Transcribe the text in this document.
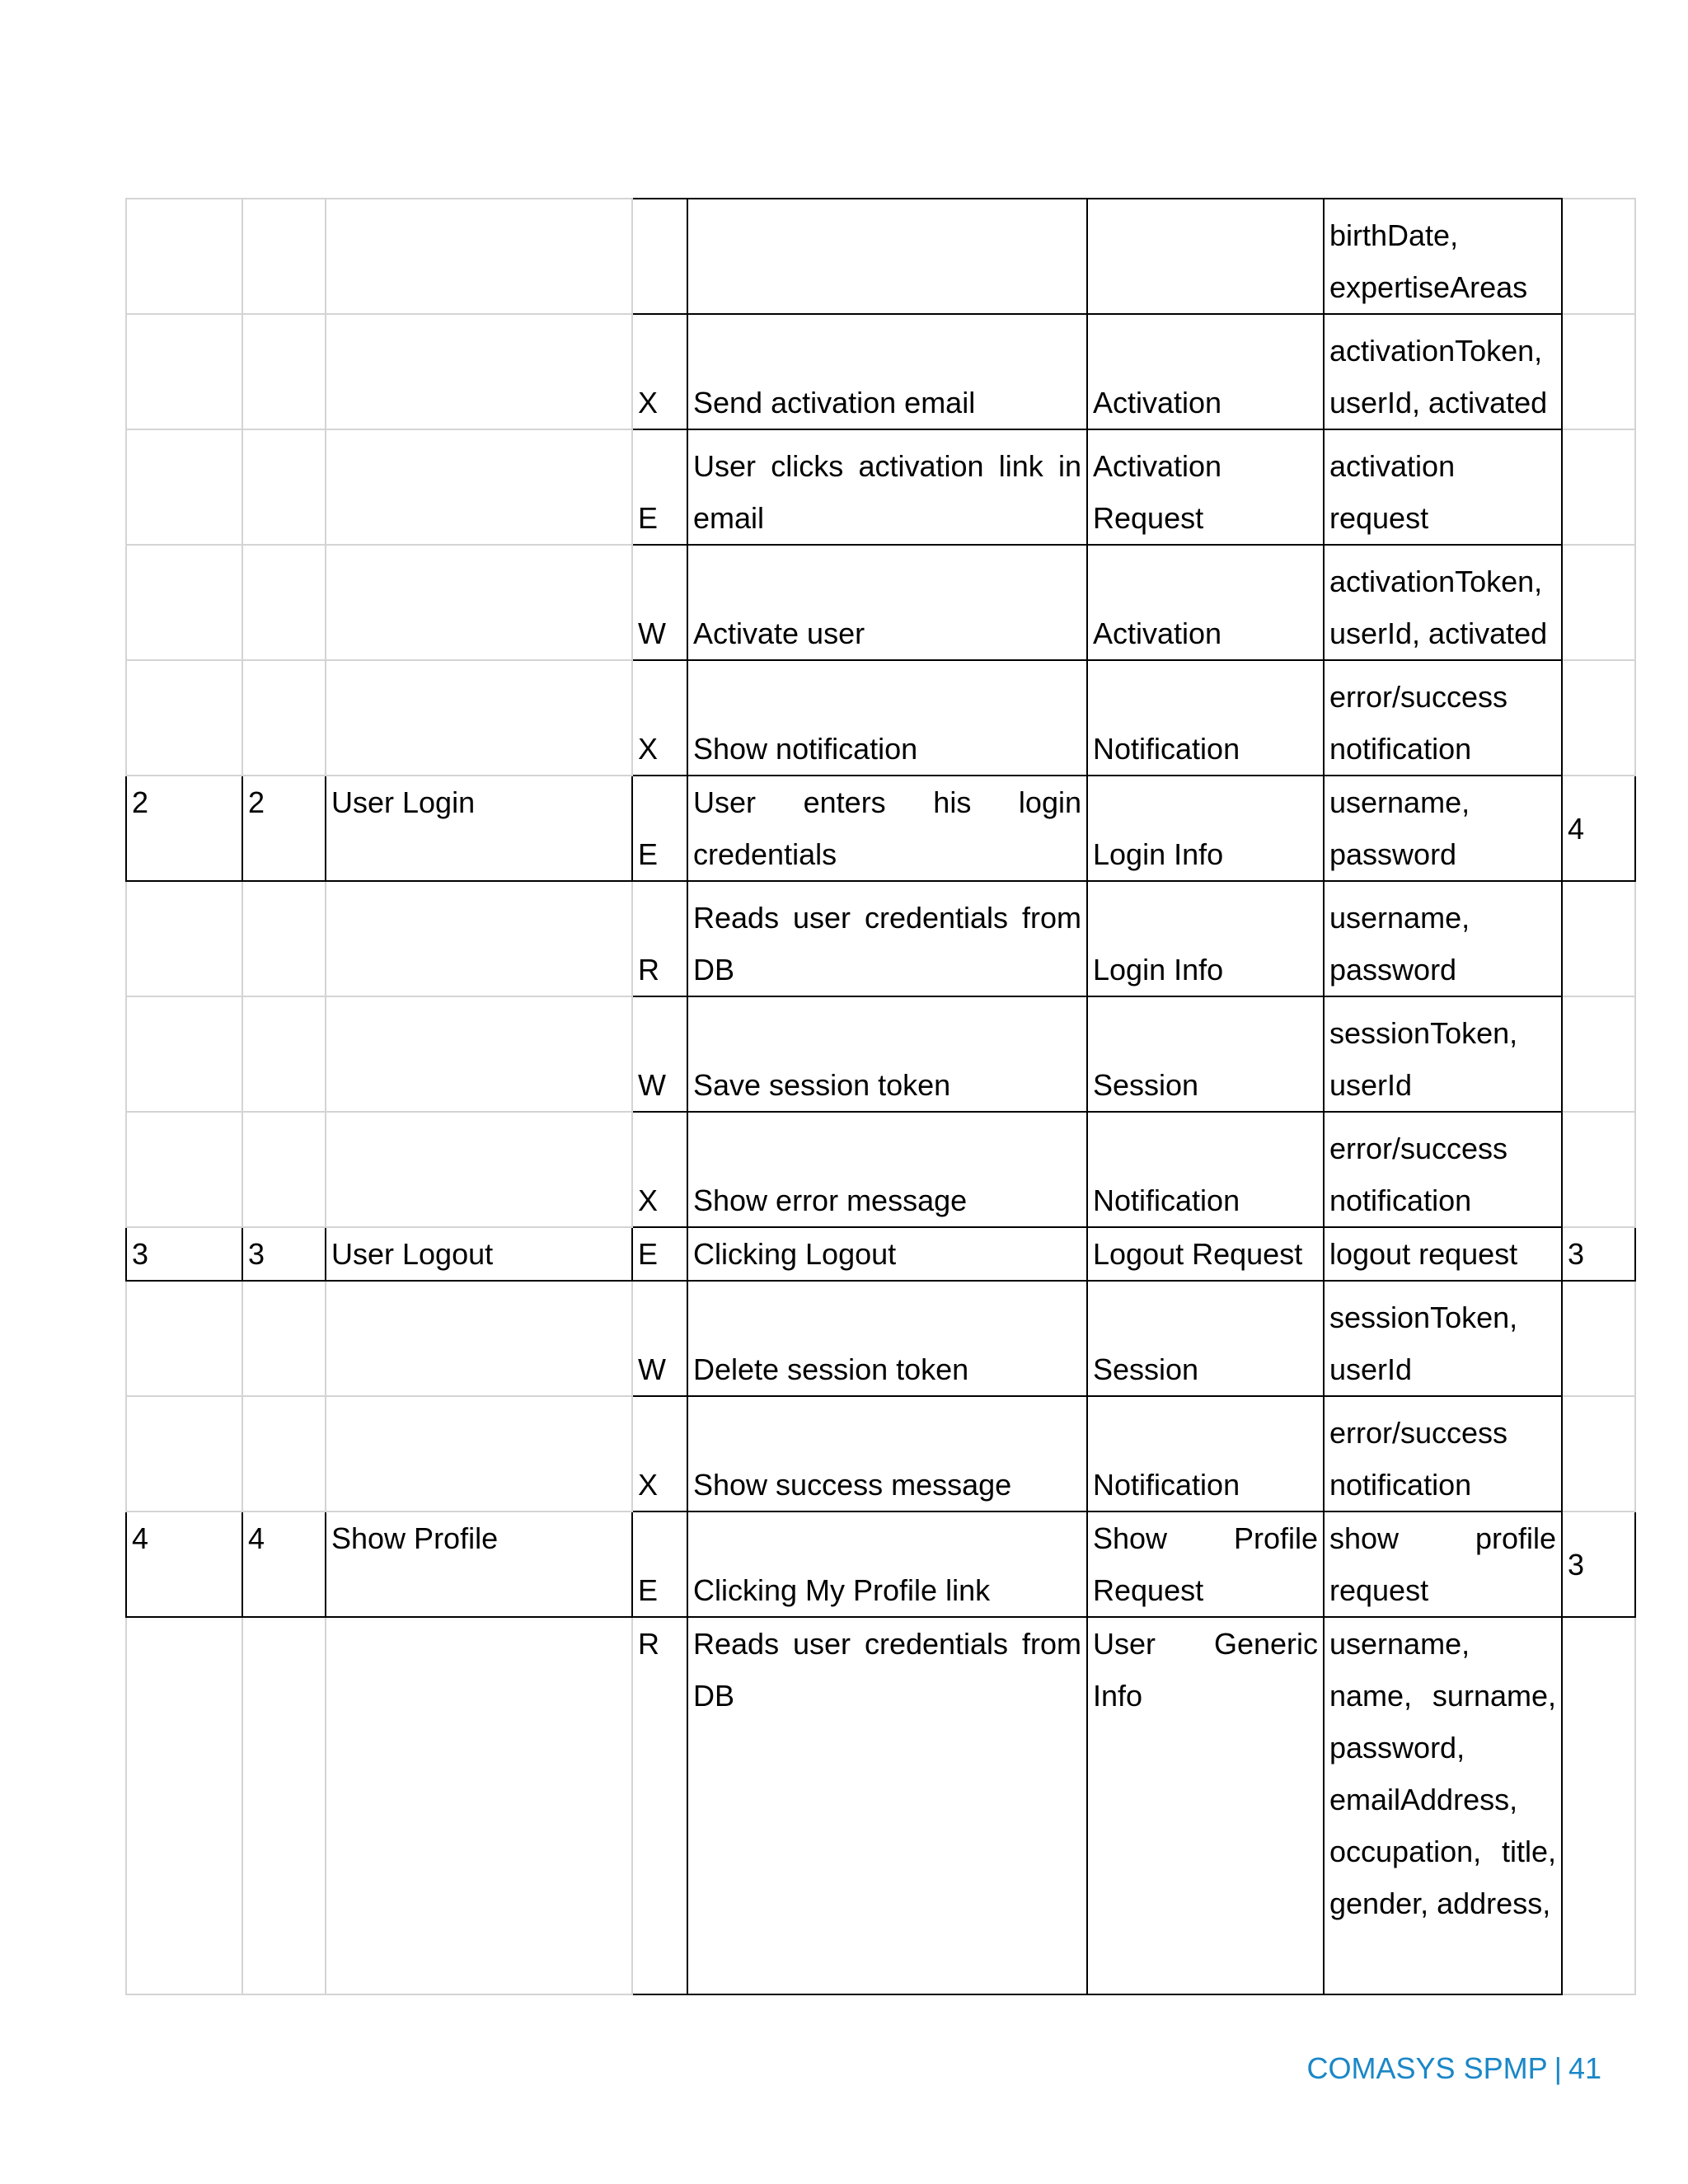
						birthDate, expertiseAreas	
			X	Send activation email	Activation	activationToken, userId, activated	
			E	User clicks activation link in email	Activation Request	activation request	
			W	Activate user	Activation	activationToken, userId, activated	
			X	Show notification	Notification	error/success notification	
2	2	User Login	E	User enters his login credentials	Login Info	username, password	4
			R	Reads user credentials from DB	Login Info	username, password	
			W	Save session token	Session	sessionToken, userId	
			X	Show error message	Notification	error/success notification	
3	3	User Logout	E	Clicking Logout	Logout Request	logout request	3
			W	Delete session token	Session	sessionToken, userId	
			X	Show success message	Notification	error/success notification	
4	4	Show Profile	E	Clicking My Profile link	Show Profile Request	show profile request	3
			R	Reads user credentials from DB	User Generic Info	username, name, surname, password, emailAddress, occupation, title, gender, address,	
COMASYS SPMP | 41
